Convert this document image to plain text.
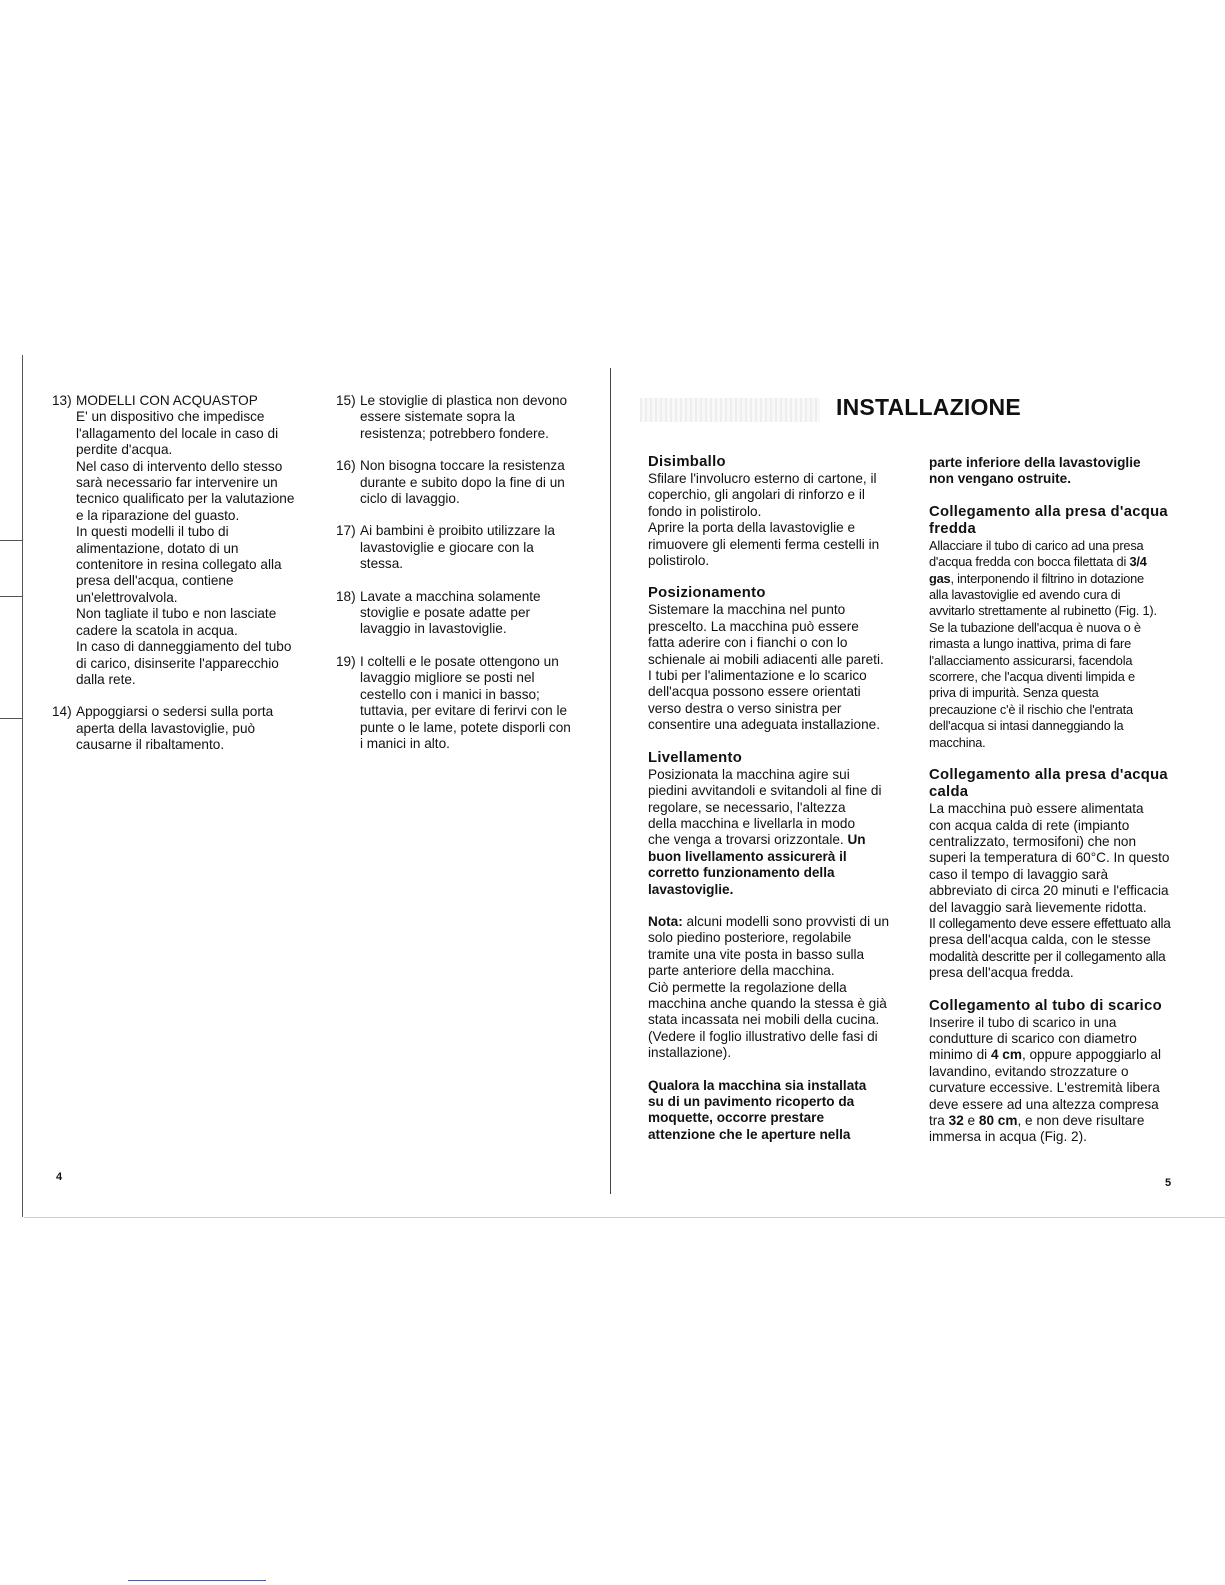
13) MODELLI CON ACQUASTOP

E' un dispositivo che impedisce

l'allagamento del locale in caso di

perdite d'acqua.

Nel caso di intervento dello stesso

sarà necessario far intervenire un

tecnico qualificato per la valutazione

e la riparazione del guasto.

In questi modelli il tubo di

alimentazione, dotato di un

contenitore in resina collegato alla

presa dell'acqua, contiene

un'elettrovalvola.

Non tagliate il tubo e non lasciate

cadere la scatola in acqua.

In caso di danneggiamento del tubo

di carico, disinserite l'apparecchio

dalla rete.

14) Appoggiarsi o sedersi sulla porta

aperta della lavastoviglie, può

causarne il ribaltamento.

15) Le stoviglie di plastica non devono

essere sistemate sopra la

resistenza; potrebbero fondere.

16) Non bisogna toccare la resistenza

durante e subito dopo la fine di un

ciclo di lavaggio.

17) Ai bambini è proibito utilizzare la

lavastoviglie e giocare con la

stessa.

18) Lavate a macchina solamente

stoviglie e posate adatte per

lavaggio in lavastoviglie.

19) I coltelli e le posate ottengono un

lavaggio migliore se posti nel

cestello con i manici in basso;

tuttavia, per evitare di ferirvi con le

punte o le lame, potete disporli con

i manici in alto.

4
INSTALLAZIONE
Disimballo

Sfilare l'involucro esterno di cartone, il

coperchio, gli angolari di rinforzo e il

fondo in polistirolo.

Aprire la porta della lavastoviglie e

rimuovere gli elementi ferma cestelli in

polistirolo.

Posizionamento

Sistemare la macchina nel punto

prescelto. La macchina può essere

fatta aderire con i fianchi o con lo

schienale ai mobili adiacenti alle pareti.

I tubi per l'alimentazione e lo scarico

dell'acqua possono essere orientati

verso destra o verso sinistra per

consentire una adeguata installazione.

Livellamento

Posizionata la macchina agire sui

piedini avvitandoli e svitandoli al fine di

regolare, se necessario, l'altezza

della macchina e livellarla in modo

che venga a trovarsi orizzontale. Un

buon livellamento assicurerà il

corretto funzionamento della

lavastoviglie.

Nota: alcuni modelli sono provvisti di un

solo piedino posteriore, regolabile

tramite una vite posta in basso sulla

parte anteriore della macchina.

Ciò permette la regolazione della

macchina anche quando la stessa è già

stata incassata nei mobili della cucina.

(Vedere il foglio illustrativo delle fasi di

installazione).

Qualora la macchina sia installata

su di un pavimento ricoperto da

moquette, occorre prestare

attenzione che le aperture nella

parte inferiore della lavastoviglie

non vengano ostruite.

Collegamento alla presa d'acqua
fredda

Allacciare il tubo di carico ad una presa

d'acqua fredda con bocca filettata di 3/4

gas, interponendo il filtrino in dotazione

alla lavastoviglie ed avendo cura di

avvitarlo strettamente al rubinetto (Fig. 1).

Se la tubazione dell'acqua è nuova o è

rimasta a lungo inattiva, prima di fare

l'allacciamento assicurarsi, facendola

scorrere, che l'acqua diventi limpida e

priva di impurità. Senza questa

precauzione c'è il rischio che l'entrata

dell'acqua si intasi danneggiando la

macchina.

Collegamento alla presa d'acqua
calda

La macchina può essere alimentata

con acqua calda di rete (impianto

centralizzato, termosifoni) che non

superi la temperatura di 60°C. In questo

caso il tempo di lavaggio sarà

abbreviato di circa 20 minuti e l'efficacia

del lavaggio sarà lievemente ridotta.

Il collegamento deve essere effettuato alla

presa dell'acqua calda, con le stesse

modalità descritte per il collegamento alla

presa dell'acqua fredda.

Collegamento al tubo di scarico

Inserire il tubo di scarico in una

condutture di scarico con diametro

minimo di 4 cm, oppure appoggiarlo al

lavandino, evitando strozzature o

curvature eccessive. L'estremità libera

deve essere ad una altezza compresa

tra 32 e 80 cm, e non deve risultare

immersa in acqua (Fig. 2).

5
